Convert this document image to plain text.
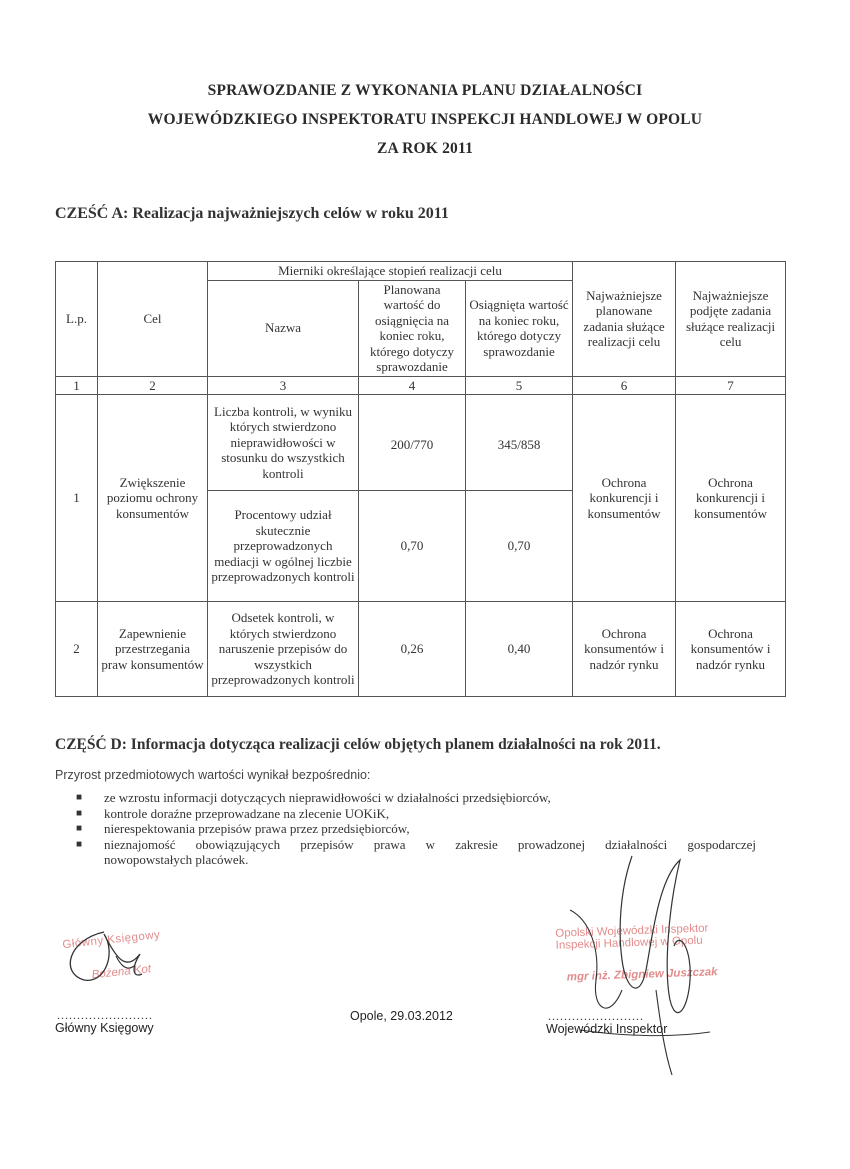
SPRAWOZDANIE Z WYKONANIA PLANU DZIAŁALNOŚCI
WOJEWÓDZKIEGO INSPEKTORATU INSPEKCJI HANDLOWEJ W OPOLU
ZA ROK 2011
CZEŚĆ A: Realizacja najważniejszych celów w roku 2011
L.p.	Cel	Mierniki określające stopień realizacji celu			Najważniejsze planowane zadania służące realizacji celu	Najważniejsze podjęte zadania służące realizacji celu
		Nazwa	Planowana wartość do osiągnięcia na koniec roku, którego dotyczy sprawozdanie	Osiągnięta wartość na koniec roku, którego dotyczy sprawozdanie		
1	2	3	4	5	6	7
1	Zwiększenie poziomu ochrony konsumentów	Liczba kontroli, w wyniku których stwierdzono nieprawidłowości w stosunku do wszystkich kontroli	200/770	345/858	Ochrona konkurencji i konsumentów	Ochrona konkurencji i konsumentów
		Procentowy udział skutecznie przeprowadzonych mediacji w ogólnej liczbie przeprowadzonych kontroli	0,70	0,70		
2	Zapewnienie przestrzegania praw konsumentów	Odsetek kontroli, w których stwierdzono naruszenie przepisów do wszystkich przeprowadzonych kontroli	0,26	0,40	Ochrona konsumentów i nadzór rynku	Ochrona konsumentów i nadzór rynku
CZĘŚĆ D: Informacja dotycząca realizacji celów objętych planem działalności na rok 2011.
Przyrost przedmiotowych wartości wynikał bezpośrednio:
■ ze wzrostu informacji dotyczących nieprawidłowości w działalności przedsiębiorców,
■ kontrole doraźne przeprowadzane na zlecenie UOKiK,
■ nierespektowania przepisów prawa przez przedsiębiorców,
■ nieznajomość obowiązujących przepisów prawa w zakresie prowadzonej działalności gospodarczej
nowopowstałych placówek.
Główny Księgowy
Bożena Kot
........................
Główny Księgowy
Opole, 29.03.2012
Opolski Wojewódzki Inspektor
Inspekcji Handlowej w Opolu
mgr inż. Zbigniew Juszczak
........................
Wojewódzki Inspektor
